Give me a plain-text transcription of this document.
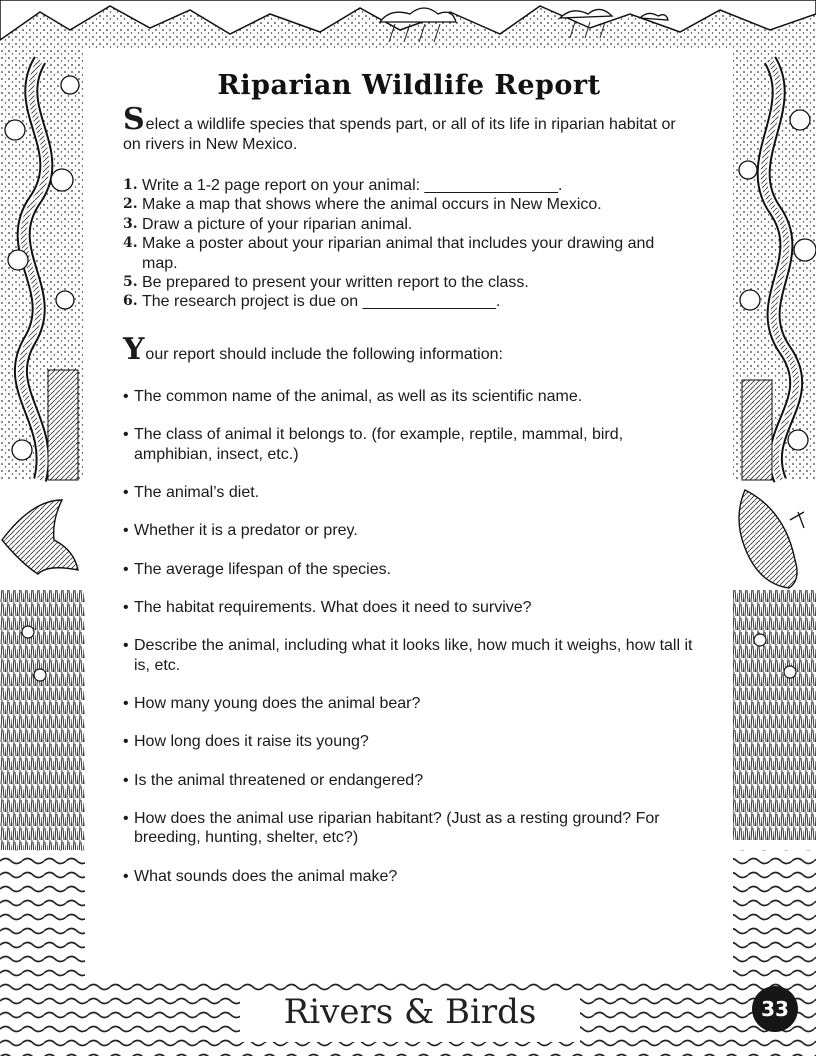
Riparian Wildlife Report
Select a wildlife species that spends part, or all of its life in riparian habitat or on rivers in New Mexico.
1. Write a 1-2 page report on your animal: _______________.
2. Make a map that shows where the animal occurs in New Mexico.
3. Draw a picture of your riparian animal.
4. Make a poster about your riparian animal that includes your drawing and map.
5. Be prepared to present your written report to the class.
6. The research project is due on _______________.
Your report should include the following information:
• The common name of the animal, as well as its scientific name.
• The class of animal it belongs to. (for example, reptile, mammal, bird, amphibian, insect, etc.)
• The animal’s diet.
• Whether it is a predator or prey.
• The average lifespan of the species.
• The habitat requirements. What does it need to survive?
• Describe the animal, including what it looks like, how much it weighs, how tall it is, etc.
• How many young does the animal bear?
• How long does it raise its young?
• Is the animal threatened or endangered?
• How does the animal use riparian habitant? (Just as a resting ground? For breeding, hunting, shelter, etc?)
• What sounds does the animal make?
Rivers & Birds	33
